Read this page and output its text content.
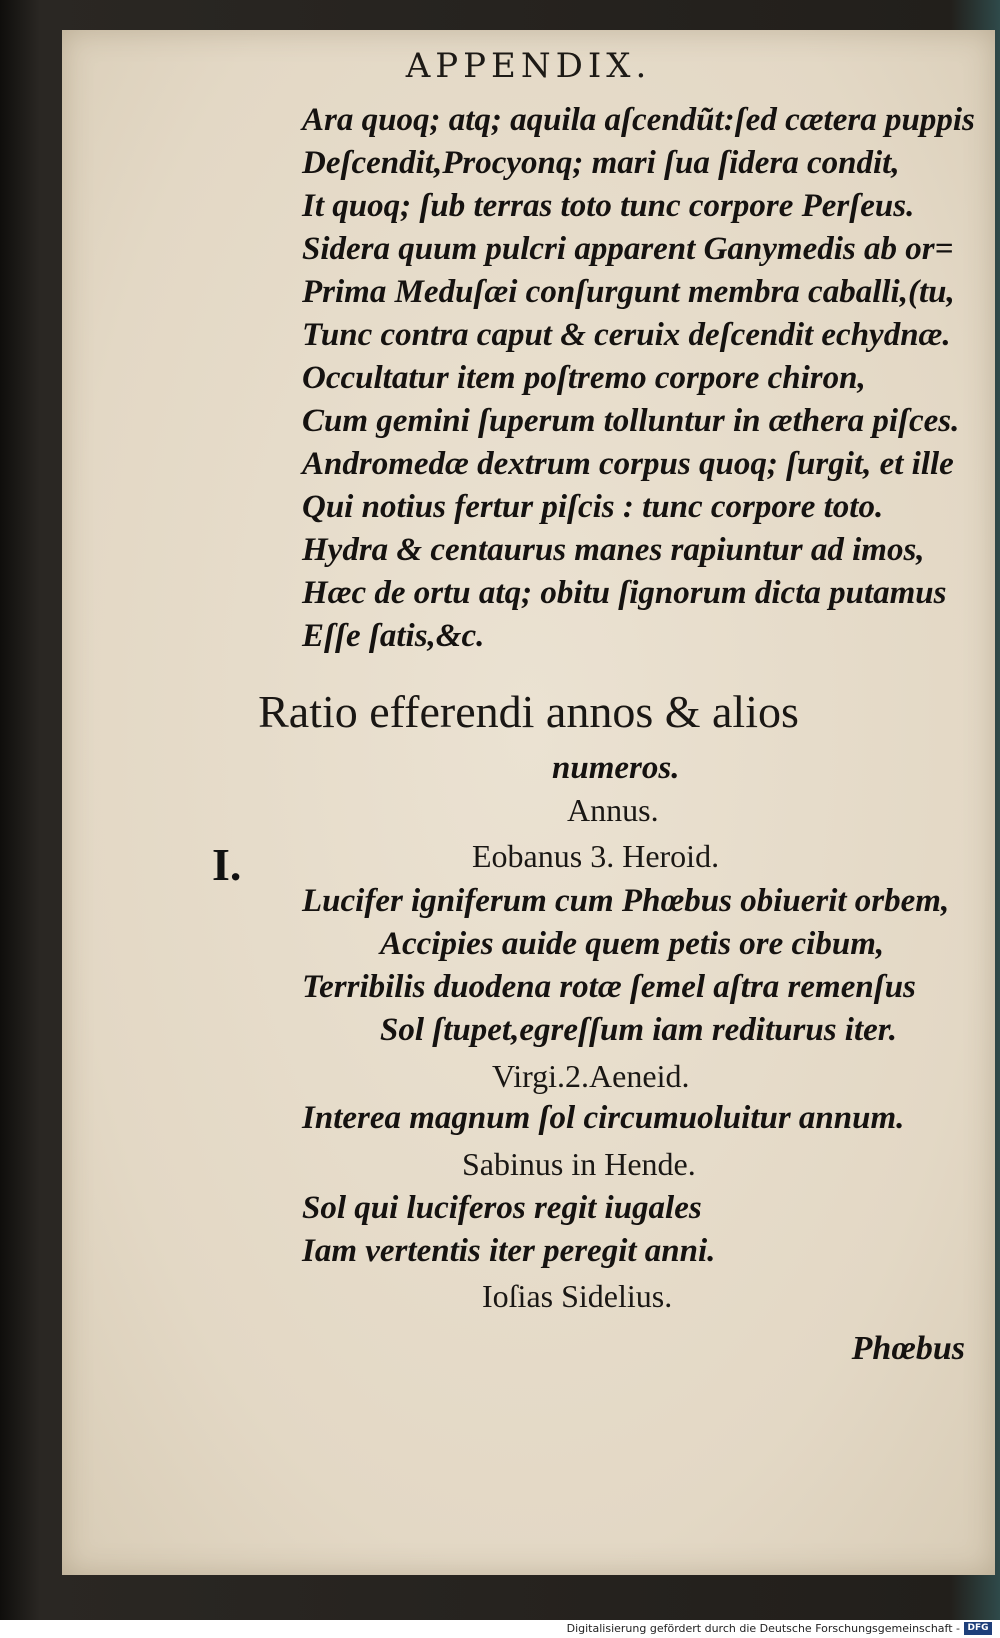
APPENDIX.
Ara quoq; atq; aquila aſcendũt:ſed cætera puppis
Deſcendit,Procyonq; mari ſua ſidera condit,
It quoq; ſub terras toto tunc corpore Perſeus.
Sidera quum pulcri apparent Ganymedis ab or=
Prima Meduſæi conſurgunt membra caballi,(tu,
Tunc contra caput & ceruix deſcendit echydnæ.
Occultatur item poſtremo corpore chiron,
Cum gemini ſuperum tolluntur in æthera piſces.
Andromedæ dextrum corpus quoq; ſurgit, et ille
Qui notius fertur piſcis : tunc corpore toto.
Hydra & centaurus manes rapiuntur ad imos,
Hæc de ortu atq; obitu ſignorum dicta putamus
Eſſe ſatis,&c.
Ratio efferendi annos & alios
numeros.
Annus.
I.	Eobanus 3. Heroid.
Lucifer igniferum cum Phœbus obiuerit orbem,
Accipies auide quem petis ore cibum,
Terribilis duodena rotæ ſemel aſtra remenſus
Sol ſtupet,egreſſum iam rediturus iter.
Virgi.2.Aeneid.
Interea magnum ſol circumuoluitur annum.
Sabinus in Hende.
Sol qui luciferos regit iugales
Iam vertentis iter peregit anni.
Ioſias Sidelius.
Phœbus
Digitalisierung gefördert durch die Deutsche Forschungsgemeinschaft - DFG
